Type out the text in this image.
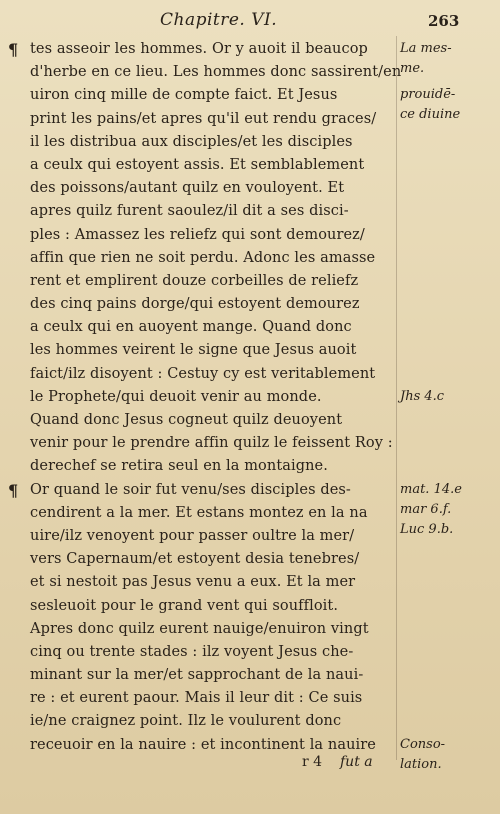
Chapitre. VI.	263
¶ tes asseoir les hommes. Or y auoit il beaucop
d'herbe en ce lieu. Les hommes donc sassirent/en
uiron cinq mille de compte faict. Et Jesus
print les pains/et apres qu'il eut rendu graces/
il les distribua aux disciples/et les disciples
a ceulx qui estoyent assis. Et semblablement
des poissons/autant quilz en vouloyent. Et
apres quilz furent saoulez/il dit a ses disci-
ples : Amassez les reliefz qui sont demourez/
affin que rien ne soit perdu. Adonc les amasse
rent et emplirent douze corbeilles de reliefz
des cinq pains dorge/qui estoyent demourez
a ceulx qui en auoyent mange. Quand donc
les hommes veirent le signe que Jesus auoit
faict/ilz disoyent : Cestuy cy est veritablement
le Prophete/qui deuoit venir au monde.
Quand donc Jesus cogneut quilz deuoyent
venir pour le prendre affin quilz le feissent Roy :
derechef se retira seul en la montaigne.
¶ Or quand le soir fut venu/ses disciples des-
cendirent a la mer. Et estans montez en la na
uire/ilz venoyent pour passer oultre la mer/
vers Capernaum/et estoyent desia tenebres/
et si nestoit pas Jesus venu a eux. Et la mer
sesleuoit pour le grand vent qui souffloit.
Apres donc quilz eurent nauige/enuiron vingt
cinq ou trente stades : ilz voyent Jesus che-
minant sur la mer/et sapprochant de la naui-
re : et eurent paour. Mais il leur dit : Ce suis
ie/ne craignez point. Ilz le voulurent donc
receuoir en la nauire : et incontinent la nauire
La mes-
me.
prouidē-
ce diuine
Jhs 4.c
mat. 14.e
mar 6.f.
Luc 9.b.
Conso-
lation.
r 4 fut a
